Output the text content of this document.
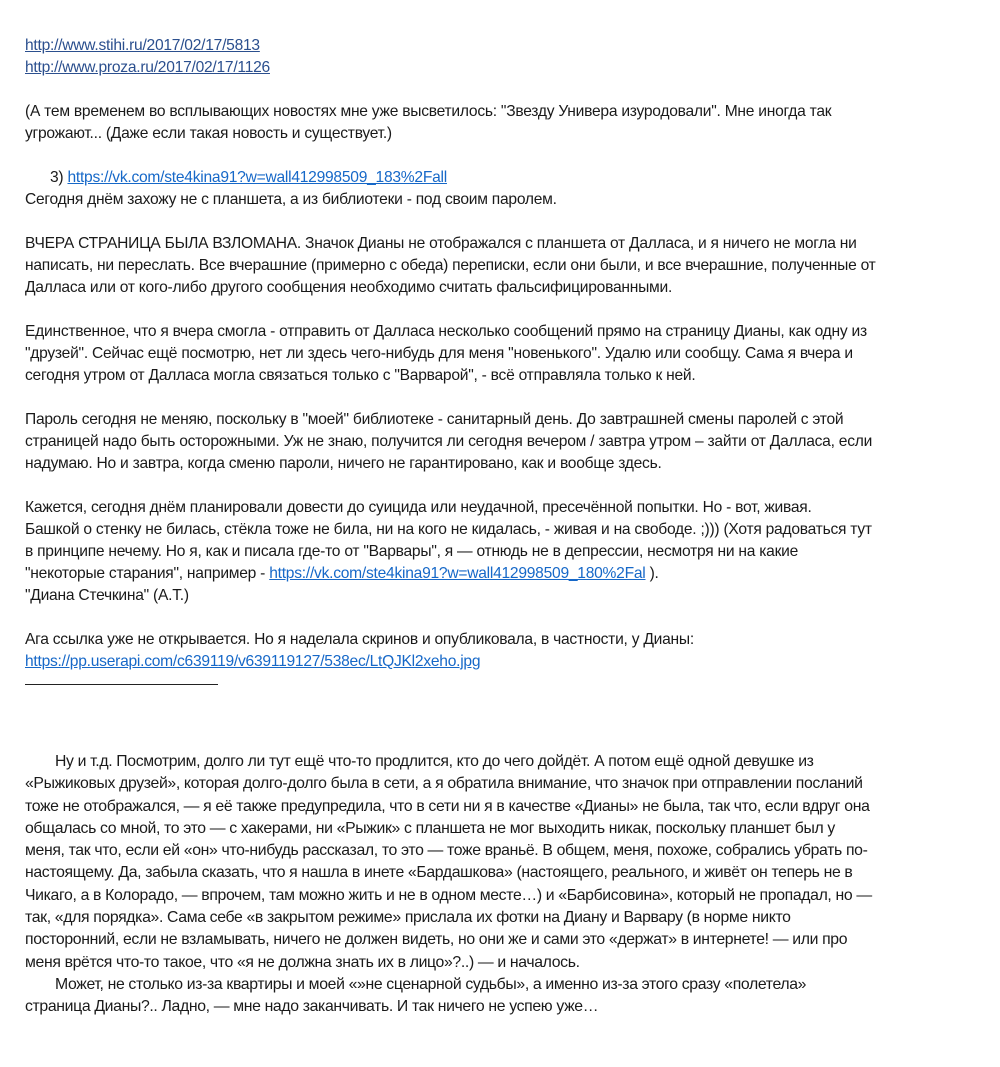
http://www.stihi.ru/2017/02/17/5813
http://www.proza.ru/2017/02/17/1126
(А тем временем во всплывающих новостях мне уже высветилось: "Звезду Универа изуродовали". Мне иногда так
угрожают... (Даже если такая новость и существует.)
3) https://vk.com/ste4kina91?w=wall412998509_183%2Fall
Сегодня днём захожу не с планшета, а из библиотеки - под своим паролем.
ВЧЕРА СТРАНИЦА БЫЛА ВЗЛОМАНА. Значок Дианы не отображался с планшета от Далласа, и я ничего не могла ни
написать, ни переслать. Все вчерашние (примерно с обеда) переписки, если они были, и все вчерашние, полученные от
Далласа или от кого-либо другого сообщения необходимо считать фальсифицированными.
Единственное, что я вчера смогла - отправить от Далласа несколько сообщений прямо на страницу Дианы, как одну из
"друзей". Сейчас ещё посмотрю, нет ли здесь чего-нибудь для меня "новенького". Удалю или сообщу. Сама я вчера и
сегодня утром от Далласа могла связаться только с "Варварой", - всё отправляла только к ней.
Пароль сегодня не меняю, поскольку в "моей" библиотеке - санитарный день. До завтрашней смены паролей с этой
страницей надо быть осторожными. Уж не знаю, получится ли сегодня вечером / завтра утром – зайти от Далласа, если
надумаю. Но и завтра, когда сменю пароли, ничего не гарантировано, как и вообще здесь.
Кажется, сегодня днём планировали довести до суицида или неудачной, пресечённой попытки. Но - вот, живая.
Башкой о стенку не билась, стёкла тоже не била, ни на кого не кидалась, - живая и на свободе. ;))) (Хотя радоваться тут
в принципе нечему. Но я, как и писала где-то от "Варвары", я — отнюдь не в депрессии, несмотря ни на какие
"некоторые старания", например - https://vk.com/ste4kina91?w=wall412998509_180%2Fal ).
"Диана Стечкина" (А.Т.)
Ага ссылка уже не открывается. Но я наделала скринов и опубликовала, в частности, у Дианы:
https://pp.userapi.com/c639119/v639119127/538ec/LtQJKl2xeho.jpg
Ну и т.д. Посмотрим, долго ли тут ещё что-то продлится, кто до чего дойдёт. А потом ещё одной девушке из
«Рыжиковых друзей», которая долго-долго была в сети, а я обратила внимание, что значок при отправлении посланий
тоже не отображался, — я её также предупредила, что в сети ни я в качестве «Дианы» не была, так что, если вдруг она
общалась со мной, то это — с хакерами, ни «Рыжик» с планшета не мог выходить никак, поскольку планшет был у
меня, так что, если ей «он» что-нибудь рассказал, то это — тоже враньё. В общем, меня, похоже, собрались убрать по-
настоящему. Да, забыла сказать, что я нашла в инете «Бардашкова» (настоящего, реального, и живёт он теперь не в
Чикаго, а в Колорадо, — впрочем, там можно жить и не в одном месте…) и «Барбисовина», который не пропадал, но —
так, «для порядка». Сама себе «в закрытом режиме» прислала их фотки на Диану и Варвару (в норме никто
посторонний, если не взламывать, ничего не должен видеть, но они же и сами это «держат» в интернете! — или про
меня врётся что-то такое, что «я не должна знать их в лицо»?..) — и началось.
Может, не столько из-за квартиры и моей «»не сценарной судьбы», а именно из-за этого сразу «полетела»
страница Дианы?.. Ладно, — мне надо заканчивать. И так ничего не успею уже…
